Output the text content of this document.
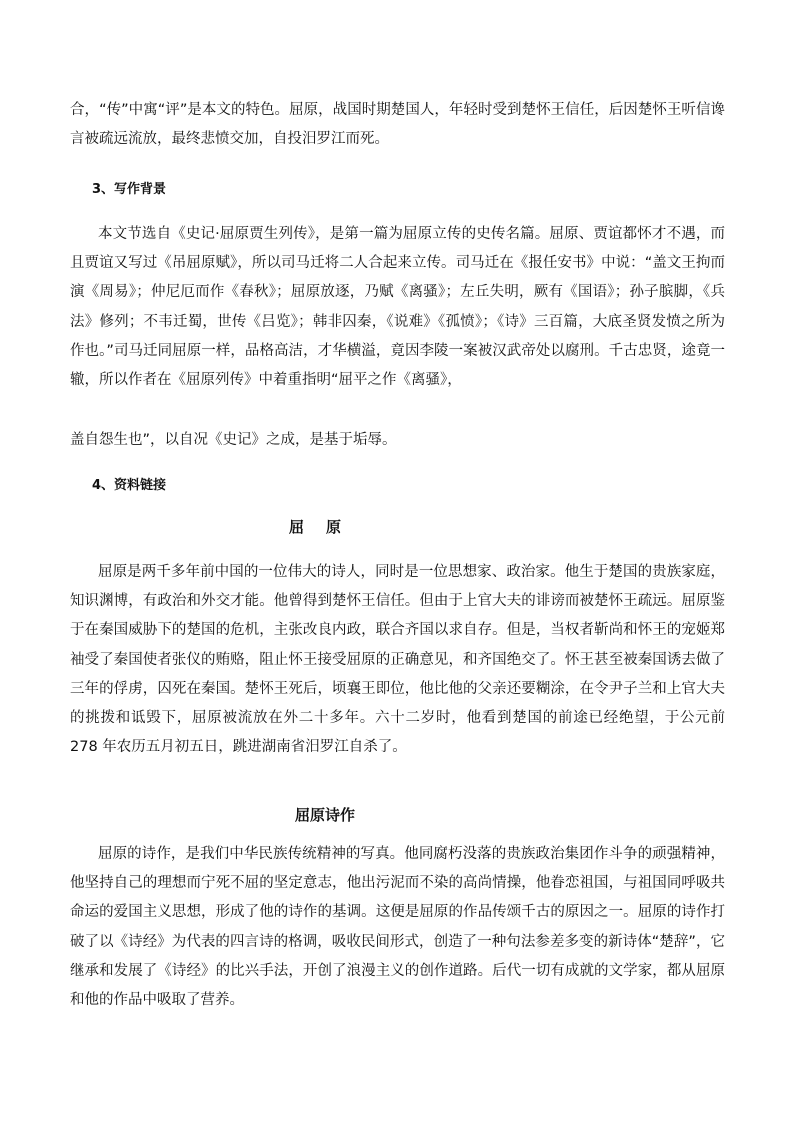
合，“传”中寓“评”是本文的特色。屈原，战国时期楚国人，年轻时受到楚怀王信任，后因楚怀王听信谗言被疏远流放，最终悲愤交加，自投汨罗江而死。

3、写作背景

本文节选自《史记·屈原贾生列传》，是第一篇为屈原立传的史传名篇。屈原、贾谊都怀才不遇，而且贾谊又写过《吊屈原赋》，所以司马迁将二人合起来立传。司马迁在《报任安书》中说：“盖文王拘而演《周易》；仲尼厄而作《春秋》；屈原放逐，乃赋《离骚》；左丘失明，厥有《国语》；孙子膑脚，《兵法》修列；不韦迁蜀，世传《吕览》；韩非囚秦，《说难》《孤愤》；《诗》三百篇，大底圣贤发愤之所为作也。”司马迁同屈原一样，品格高洁，才华横溢，竟因李陵一案被汉武帝处以腐刑。千古忠贤，途竟一辙，所以作者在《屈原列传》中着重指明“屈平之作《离骚》，

盖自怨生也”，以自况《史记》之成，是基于垢辱。

4、资料链接

屈原

屈原是两千多年前中国的一位伟大的诗人，同时是一位思想家、政治家。他生于楚国的贵族家庭，知识渊博，有政治和外交才能。他曾得到楚怀王信任。但由于上官大夫的诽谤而被楚怀王疏远。屈原鉴于在秦国威胁下的楚国的危机，主张改良内政，联合齐国以求自存。但是，当权者靳尚和怀王的宠姬郑袖受了秦国使者张仪的贿赂，阻止怀王接受屈原的正确意见，和齐国绝交了。怀王甚至被秦国诱去做了三年的俘虏，囚死在秦国。楚怀王死后，顷襄王即位，他比他的父亲还要糊涂，在令尹子兰和上官大夫的挑拨和诋毁下，屈原被流放在外二十多年。六十二岁时，他看到楚国的前途已经绝望，于公元前 278 年农历五月初五日，跳进湖南省汨罗江自杀了。

屈原诗作

屈原的诗作，是我们中华民族传统精神的写真。他同腐朽没落的贵族政治集团作斗争的顽强精神，他坚持自己的理想而宁死不屈的坚定意志，他出污泥而不染的高尚情操，他眷恋祖国，与祖国同呼吸共命运的爱国主义思想，形成了他的诗作的基调。这便是屈原的作品传颂千古的原因之一。屈原的诗作打破了以《诗经》为代表的四言诗的格调，吸收民间形式，创造了一种句法参差多变的新诗体“楚辞”，它继承和发展了《诗经》的比兴手法，开创了浪漫主义的创作道路。后代一切有成就的文学家，都从屈原和他的作品中吸取了营养。
